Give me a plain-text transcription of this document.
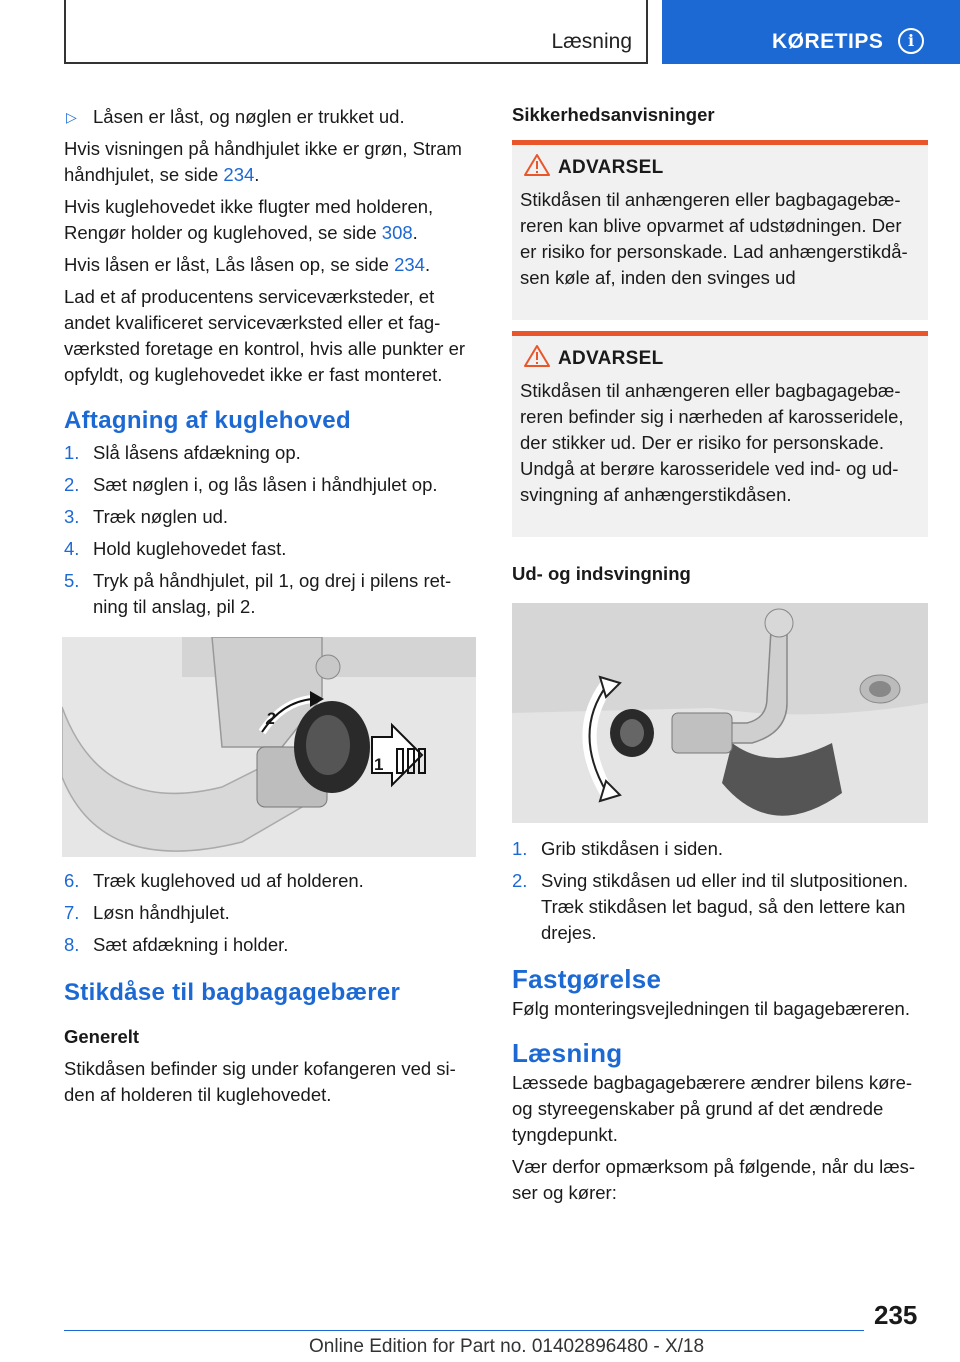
Læsning	KØRETIPS	i
▷ Låsen er låst, og nøglen er trukket ud.
Hvis visningen på håndhjulet ikke er grøn, Stram håndhjulet, se side 234.
Hvis kuglehovedet ikke flugter med holderen, Rengør holder og kuglehoved, se side 308.
Hvis låsen er låst, Lås låsen op, se side 234.
Lad et af producentens serviceværksteder, et andet kvalificeret serviceværksted eller et fagværksted foretage en kontrol, hvis alle punkter er opfyldt, og kuglehovedet ikke er fast monteret.
Aftagning af kuglehoved
1. Slå låsens afdækning op.
2. Sæt nøglen i, og lås låsen i håndhjulet op.
3. Træk nøglen ud.
4. Hold kuglehovedet fast.
5. Tryk på håndhjulet, pil 1, og drej i pilens retning til anslag, pil 2.
1
2
6. Træk kuglehoved ud af holderen.
7. Løsn håndhjulet.
8. Sæt afdækning i holder.
Stikdåse til bagbagagebærer
Generelt
Stikdåsen befinder sig under kofangeren ved siden af holderen til kuglehovedet.
Sikkerhedsanvisninger
ADVARSEL
Stikdåsen til anhængeren eller bagbagagebæreren kan blive opvarmet af udstødningen. Der er risiko for personskade. Lad anhængerstikdåsen køle af, inden den svinges ud
ADVARSEL
Stikdåsen til anhængeren eller bagbagagebæreren befinder sig i nærheden af karosseridele, der stikker ud. Der er risiko for personskade. Undgå at berøre karosseridele ved ind- og udsvingning af anhængerstikdåsen.
Ud- og indsvingning
1. Grib stikdåsen i siden.
2. Sving stikdåsen ud eller ind til slutpositionen. Træk stikdåsen let bagud, så den lettere kan drejes.
Fastgørelse
Følg monteringsvejledningen til bagagebæreren.
Læsning
Læssede bagbagagebærere ændrer bilens køre- og styreegenskaber på grund af det ændrede tyngdepunkt.
Vær derfor opmærksom på følgende, når du læsser og kører:
235
Online Edition for Part no. 01402896480 - X/18
